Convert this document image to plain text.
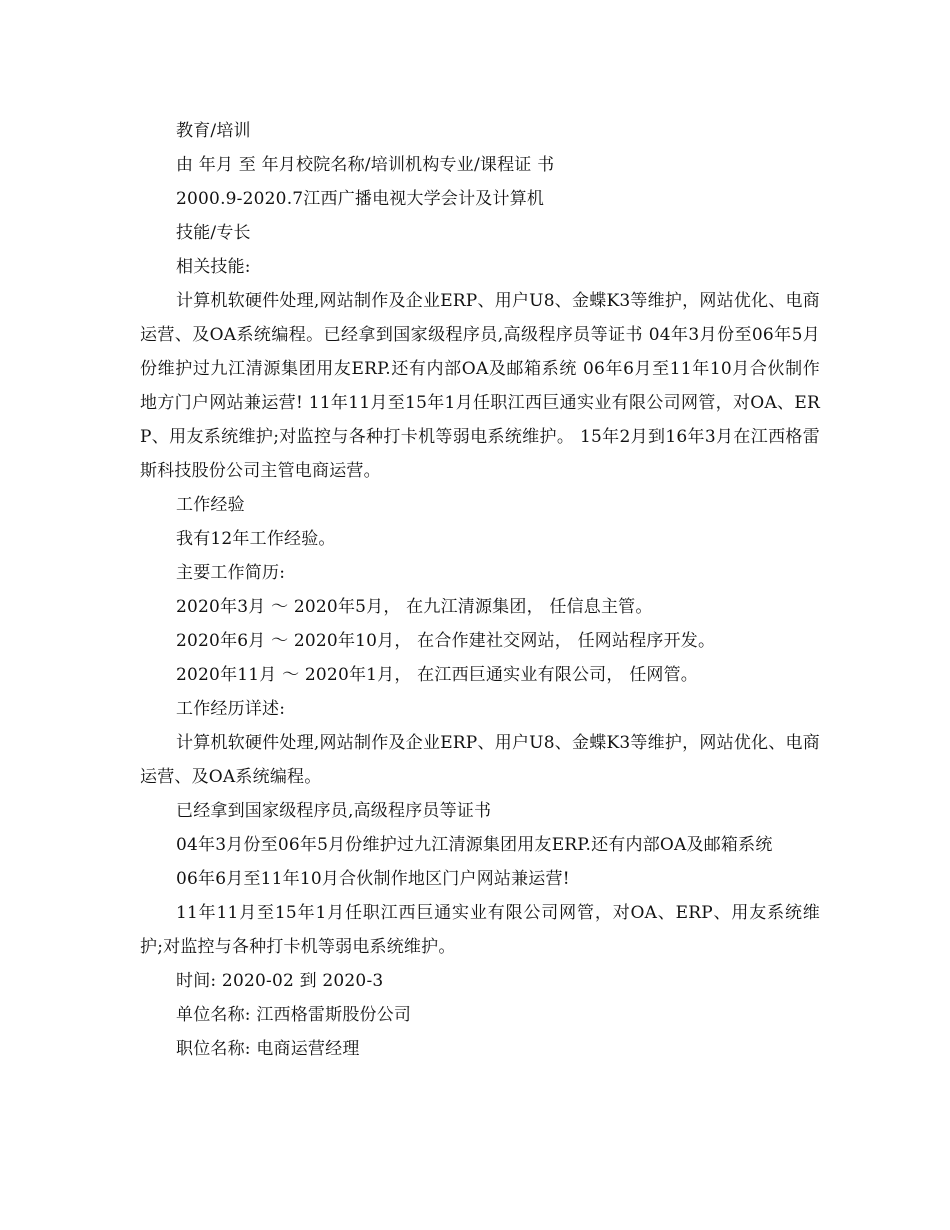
教育/培训

由 年月 至 年月校院名称/培训机构专业/课程证 书

2000.9-2020.7江西广播电视大学会计及计算机

技能/专长

相关技能:

计算机软硬件处理,网站制作及企业ERP、用户U8、金蝶K3等维护，网站优化、电商运营、及OA系统编程。已经拿到国家级程序员,高级程序员等证书 04年3月份至06年5月份维护过九江清源集团用友ERP.还有内部OA及邮箱系统 06年6月至11年10月合伙制作地方门户网站兼运营! 11年11月至15年1月任职江西巨通实业有限公司网管，对OA、ERP、用友系统维护;对监控与各种打卡机等弱电系统维护。 15年2月到16年3月在江西格雷斯科技股份公司主管电商运营。

工作经验

我有12年工作经验。

主要工作简历:

2020年3月 ～ 2020年5月， 在九江清源集团， 任信息主管。

2020年6月 ～ 2020年10月， 在合作建社交网站， 任网站程序开发。

2020年11月 ～ 2020年1月， 在江西巨通实业有限公司， 任网管。

工作经历详述:

计算机软硬件处理,网站制作及企业ERP、用户U8、金蝶K3等维护，网站优化、电商运营、及OA系统编程。

已经拿到国家级程序员,高级程序员等证书

04年3月份至06年5月份维护过九江清源集团用友ERP.还有内部OA及邮箱系统

06年6月至11年10月合伙制作地区门户网站兼运营!

11年11月至15年1月任职江西巨通实业有限公司网管，对OA、ERP、用友系统维护;对监控与各种打卡机等弱电系统维护。

时间: 2020-02 到 2020-3

单位名称: 江西格雷斯股份公司

职位名称: 电商运营经理
